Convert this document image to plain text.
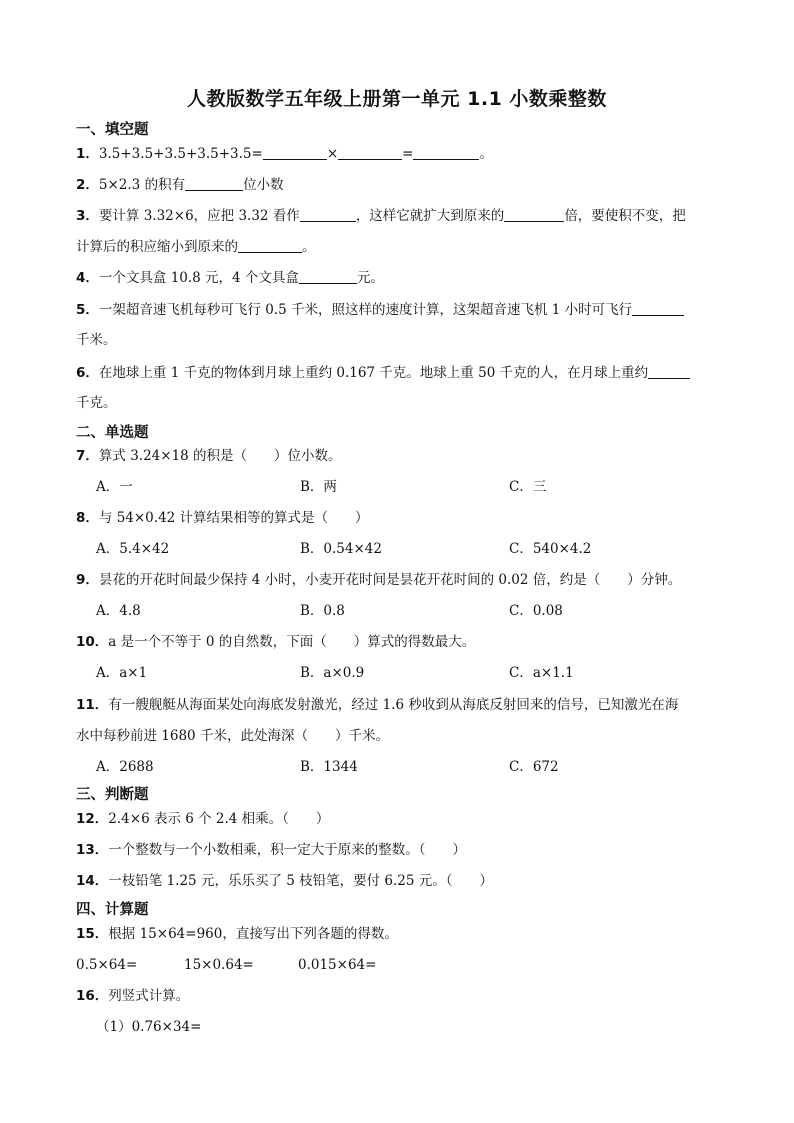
人教版数学五年级上册第一单元 1.1 小数乘整数
一、填空题
1．3.5+3.5+3.5+3.5+3.5=	×	=	。
2．5×2.3 的积有	位小数
3．要计算 3.32×6，应把 3.32 看作	，这样它就扩大到原来的	倍，要使积不变，把
计算后的积应缩小到原来的	。
4．一个文具盒 10.8 元，4 个文具盒	元。
5．一架超音速飞机每秒可飞行 0.5 千米，照这样的速度计算，这架超音速飞机 1 小时可飞行
千米。
6．在地球上重 1 千克的物体到月球上重约 0.167 千克。地球上重 50 千克的人，在月球上重约
千克。
二、单选题
7．算式 3.24×18 的积是（　　）位小数。
A．一	B．两	C．三
8．与 54×0.42 计算结果相等的算式是（　　）
A．5.4×42	B．0.54×42	C．540×4.2
9．昙花的开花时间最少保持 4 小时，小麦开花时间是昙花开花时间的 0.02 倍，约是（　　）分钟。
A．4.8	B．0.8	C．0.08
10．a 是一个不等于 0 的自然数，下面（　　）算式的得数最大。
A．a×1	B．a×0.9	C．a×1.1
11．有一艘舰艇从海面某处向海底发射激光，经过 1.6 秒收到从海底反射回来的信号，已知激光在海
水中每秒前进 1680 千米，此处海深（　　）千米。
A．2688	B．1344	C．672
三、判断题
12．2.4×6 表示 6 个 2.4 相乘。（　　）
13．一个整数与一个小数相乘，积一定大于原来的整数。（　　）
14．一枝铅笔 1.25 元，乐乐买了 5 枝铅笔，要付 6.25 元。（　　）
四、计算题
15．根据 15×64=960，直接写出下列各题的得数。
0.5×64=	15×0.64=	0.015×64=
16．列竖式计算。
（1）0.76×34=
